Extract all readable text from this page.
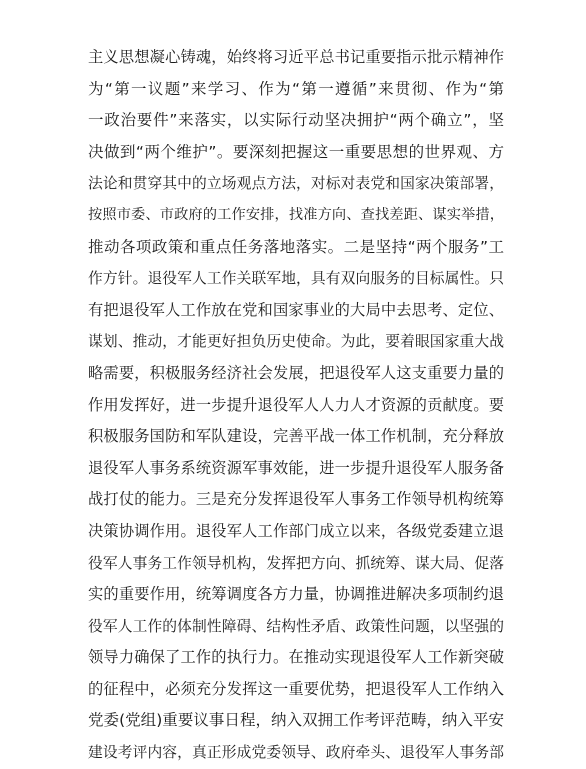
主义思想凝心铸魂，始终将习近平总书记重要指示批示精神作
为“第一议题”来学习、作为“第一遵循”来贯彻、作为“第
一政治要件”来落实，以实际行动坚决拥护“两个确立”，坚
决做到“两个维护”。要深刻把握这一重要思想的世界观、方
法论和贯穿其中的立场观点方法，对标对表党和国家决策部署，
按照市委、市政府的工作安排，找准方向、查找差距、谋实举措，
推动各项政策和重点任务落地落实。二是坚持“两个服务”工
作方针。退役军人工作关联军地，具有双向服务的目标属性。只
有把退役军人工作放在党和国家事业的大局中去思考、定位、
谋划、推动，才能更好担负历史使命。为此，要着眼国家重大战
略需要，积极服务经济社会发展，把退役军人这支重要力量的
作用发挥好，进一步提升退役军人人力人才资源的贡献度。要
积极服务国防和军队建设，完善平战一体工作机制，充分释放
退役军人事务系统资源军事效能，进一步提升退役军人服务备
战打仗的能力。三是充分发挥退役军人事务工作领导机构统筹
决策协调作用。退役军人工作部门成立以来，各级党委建立退
役军人事务工作领导机构，发挥把方向、抓统筹、谋大局、促落
实的重要作用，统筹调度各方力量，协调推进解决多项制约退
役军人工作的体制性障碍、结构性矛盾、政策性问题，以坚强的
领导力确保了工作的执行力。在推动实现退役军人工作新突破
的征程中，必须充分发挥这一重要优势，把退役军人工作纳入
党委(党组)重要议事日程，纳入双拥工作考评范畴，纳入平安
建设考评内容，真正形成党委领导、政府牵头、退役军人事务部
